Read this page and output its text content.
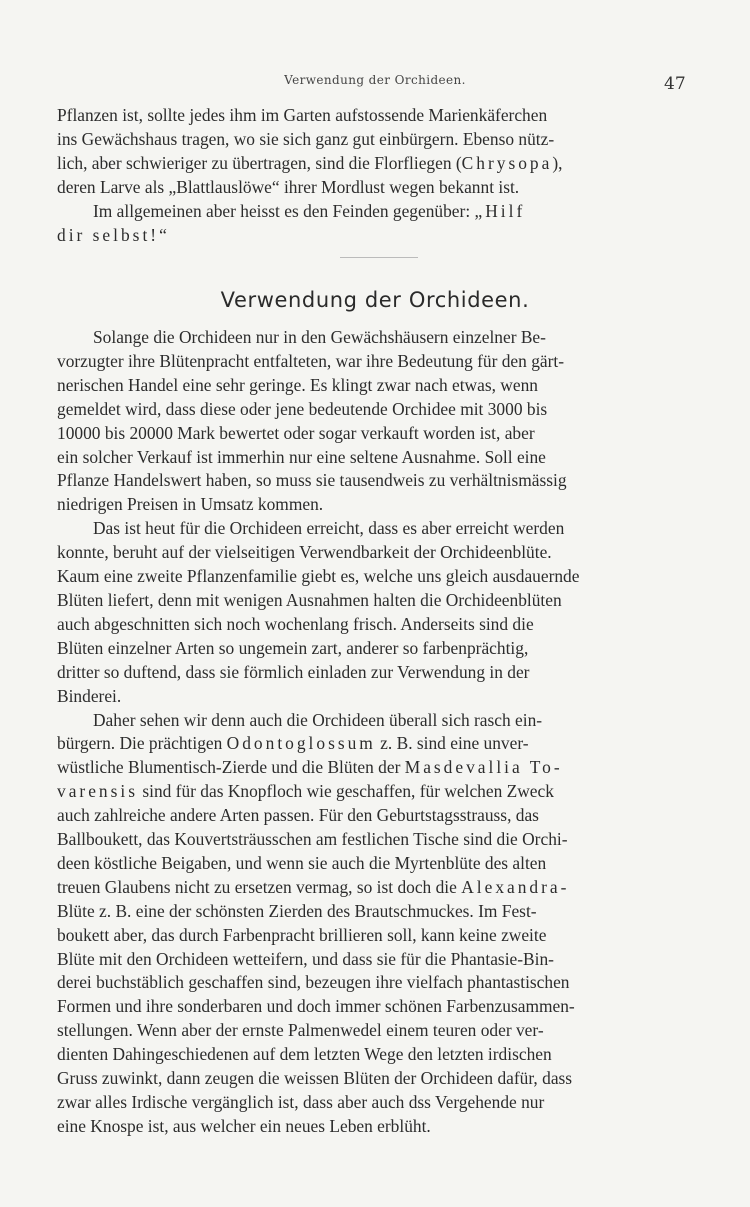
Verwendung der Orchideen.	47

Pflanzen ist, sollte jedes ihm im Garten aufstossende Marienkäferchen
ins Gewächshaus tragen, wo sie sich ganz gut einbürgern. Ebenso nütz-
lich, aber schwieriger zu übertragen, sind die Florfliegen (Chrysopa),
deren Larve als „Blattlauslöwe“ ihrer Mordlust wegen bekannt ist.

Im allgemeinen aber heisst es den Feinden gegenüber: „Hilf
dir selbst!“

Verwendung der Orchideen.

Solange die Orchideen nur in den Gewächshäusern einzelner Be-
vorzugter ihre Blütenpracht entfalteten, war ihre Bedeutung für den gärt-
nerischen Handel eine sehr geringe. Es klingt zwar nach etwas, wenn
gemeldet wird, dass diese oder jene bedeutende Orchidee mit 3000 bis
10000 bis 20000 Mark bewertet oder sogar verkauft worden ist, aber
ein solcher Verkauf ist immerhin nur eine seltene Ausnahme. Soll eine
Pflanze Handelswert haben, so muss sie tausendweis zu verhältnismässig
niedrigen Preisen in Umsatz kommen.

Das ist heut für die Orchideen erreicht, dass es aber erreicht werden
konnte, beruht auf der vielseitigen Verwendbarkeit der Orchideenblüte.
Kaum eine zweite Pflanzenfamilie giebt es, welche uns gleich ausdauernde
Blüten liefert, denn mit wenigen Ausnahmen halten die Orchideenblüten
auch abgeschnitten sich noch wochenlang frisch. Anderseits sind die
Blüten einzelner Arten so ungemein zart, anderer so farbenprächtig,
dritter so duftend, dass sie förmlich einladen zur Verwendung in der
Binderei.

Daher sehen wir denn auch die Orchideen überall sich rasch ein-
bürgern. Die prächtigen Odontoglossum z. B. sind eine unver-
wüstliche Blumentisch-Zierde und die Blüten der Masdevallia To-
varensis sind für das Knopfloch wie geschaffen, für welchen Zweck
auch zahlreiche andere Arten passen. Für den Geburtstagsstrauss, das
Ballboukett, das Kouvertsträusschen am festlichen Tische sind die Orchi-
deen köstliche Beigaben, und wenn sie auch die Myrtenblüte des alten
treuen Glaubens nicht zu ersetzen vermag, so ist doch die Alexandra-
Blüte z. B. eine der schönsten Zierden des Brautschmuckes. Im Fest-
boukett aber, das durch Farbenpracht brillieren soll, kann keine zweite
Blüte mit den Orchideen wetteifern, und dass sie für die Phantasie-Bin-
derei buchstäblich geschaffen sind, bezeugen ihre vielfach phantastischen
Formen und ihre sonderbaren und doch immer schönen Farbenzusammen-
stellungen. Wenn aber der ernste Palmenwedel einem teuren oder ver-
dienten Dahingeschiedenen auf dem letzten Wege den letzten irdischen
Gruss zuwinkt, dann zeugen die weissen Blüten der Orchideen dafür, dass
zwar alles Irdische vergänglich ist, dass aber auch dss Vergehende nur
eine Knospe ist, aus welcher ein neues Leben erblüht.
